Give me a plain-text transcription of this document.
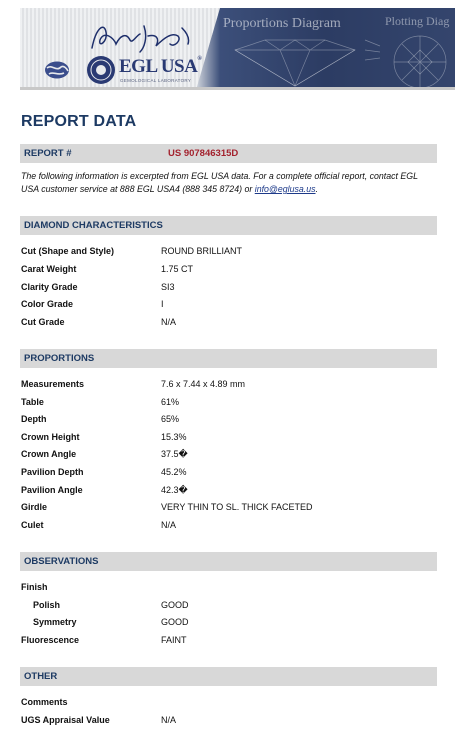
EGL USA®
GEMOLOGICAL LABORATORY
Proportions Diagram	Plotting Diag
REPORT DATA
REPORT #	US 907846315D
The following information is excerpted from EGL USA data. For a complete official report, contact EGL USA customer service at 888 EGL USA4 (888 345 8724) or info@eglusa.us.
DIAMOND CHARACTERISTICS
Cut (Shape and Style)	ROUND BRILLIANT
Carat Weight	1.75 CT
Clarity Grade	SI3
Color Grade	I
Cut Grade	N/A
PROPORTIONS
Measurements	7.6 x 7.44 x 4.89 mm
Table	61%
Depth	65%
Crown Height	15.3%
Crown Angle	37.5�
Pavilion Depth	45.2%
Pavilion Angle	42.3�
Girdle	VERY THIN TO SL. THICK FACETED
Culet	N/A
OBSERVATIONS
Finish
Polish	GOOD
Symmetry	GOOD
Fluorescence	FAINT
OTHER
Comments
UGS Appraisal Value	N/A
